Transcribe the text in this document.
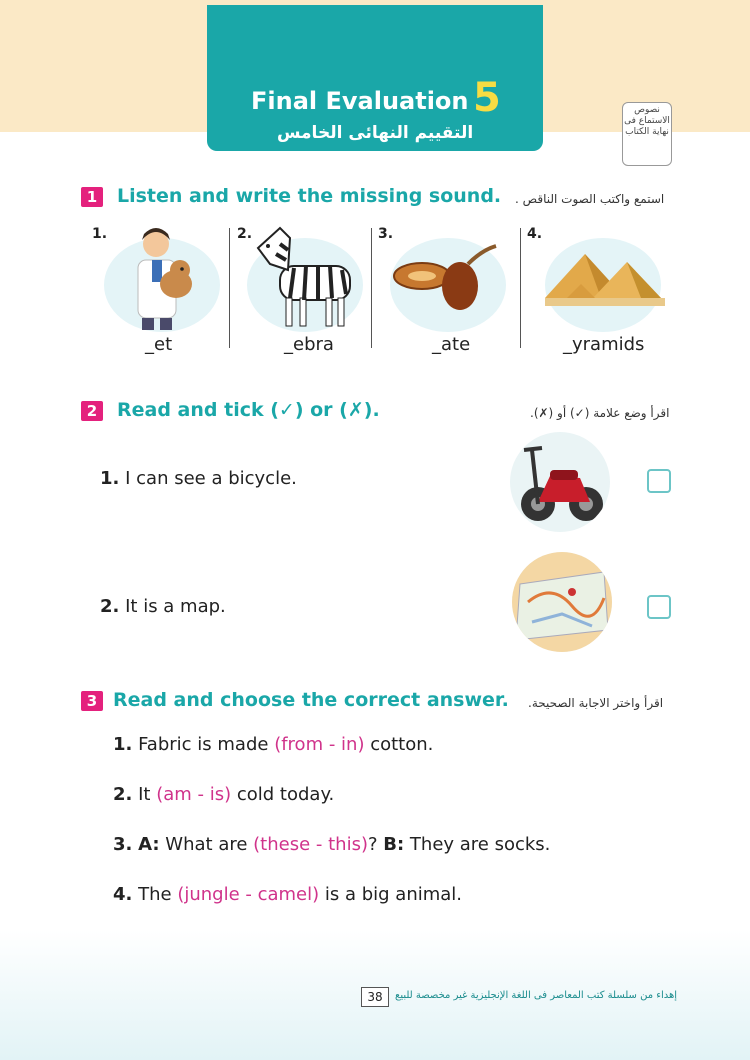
Final Evaluation 5
التقييم النهائى الخامس
نصوص الاستماع فى نهاية الكتاب
1	Listen and write the missing sound. استمع واكتب الصوت الناقص .
1.
_et
2.
_ebra
3.
_ate
4.
_yramids
2	Read and tick (✓) or (✗).	اقرأ وضع علامة (✓) أو (✗).
1. I can see a bicycle.
2. It is a map.
3 Read and choose the correct answer. اقرأ واختر الاجابة الصحيحة.
1. Fabric is made (from - in) cotton.
2. It (am - is) cold today.
3. A: What are (these - this)? B: They are socks.
4. The (jungle - camel) is a big animal.
38	إهداء من سلسلة كتب المعاصر فى اللغة الإنجليزية غير مخصصة للبيع
